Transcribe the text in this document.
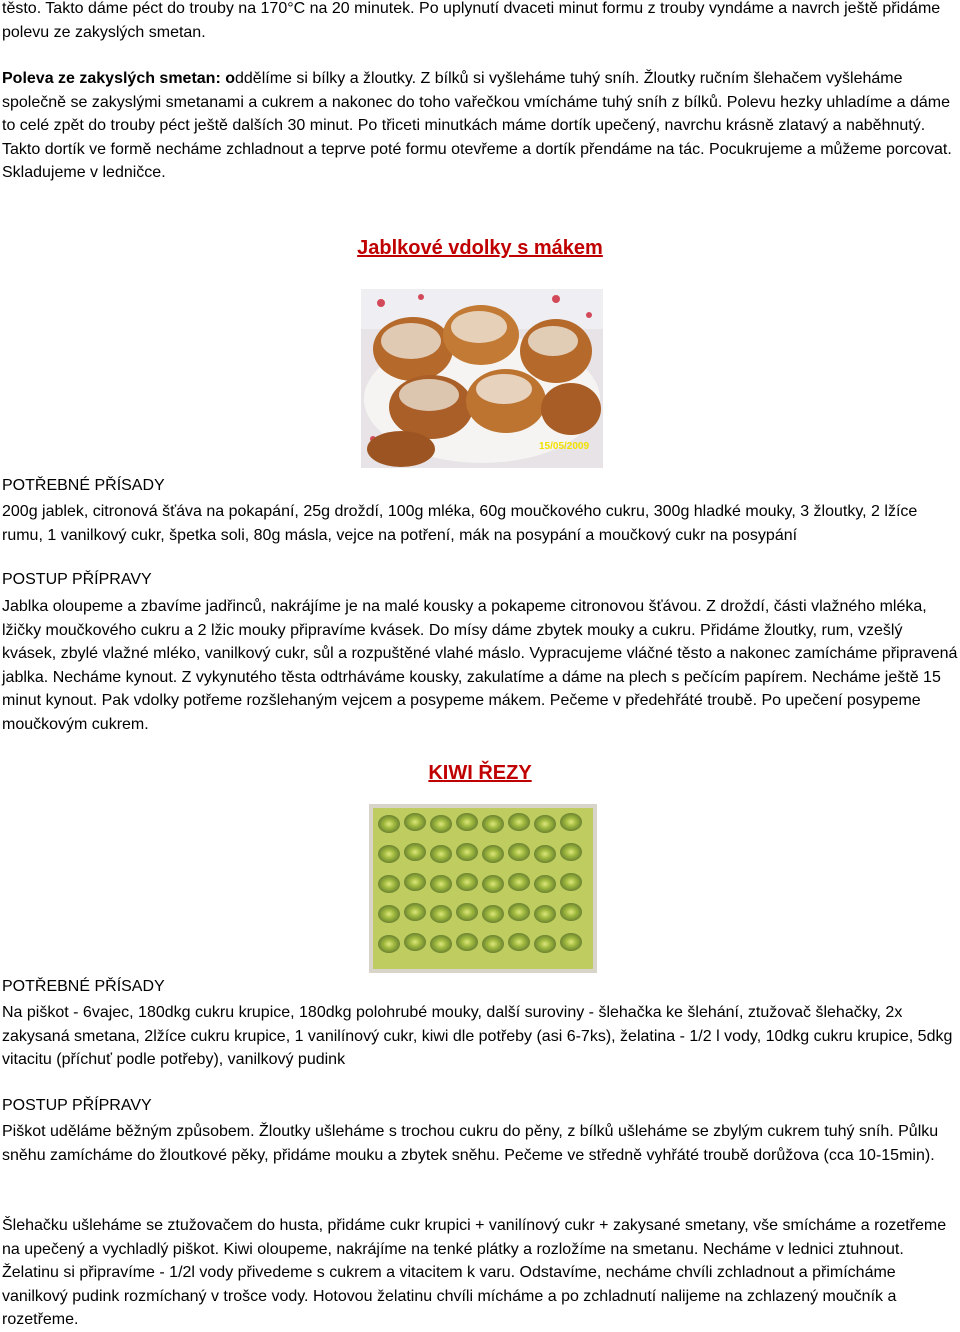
těsto. Takto dáme péct do trouby na 170°C na 20 minutek. Po uplynutí dvaceti minut formu z trouby vyndáme a navrch ještě přidáme polevu ze zakyslých smetan.

Poleva ze zakyslých smetan: oddělíme si bílky a žloutky. Z bílků si vyšleháme tuhý sníh. Žloutky ručním šlehačem vyšleháme společně se zakyslými smetanami a cukrem a nakonec do toho vařečkou vmícháme tuhý sníh z bílků. Polevu hezky uhladíme a dáme to celé zpět do trouby péct ještě dalších 30 minut. Po třiceti minutkách máme dortík upečený, navrchu krásně zlatavý a naběhnutý. Takto dortík ve formě necháme zchladnout a teprve poté formu otevřeme a dortík přendáme na tác. Pocukrujeme a můžeme porcovat. Skladujeme v ledničce.

Jablkové vdolky s mákem
15/05/2009

POTŘEBNÉ PŘÍSADY

200g jablek, citronová šťáva na pokapání, 25g droždí, 100g mléka, 60g moučkového cukru, 300g hladké mouky, 3 žloutky, 2 lžíce rumu, 1 vanilkový cukr, špetka soli, 80g másla, vejce na potření, mák na posypání a moučkový cukr na posypání

POSTUP PŘÍPRAVY

Jablka oloupeme a zbavíme jadřinců, nakrájíme je na malé kousky a pokapeme citronovou šťávou. Z droždí, části vlažného mléka, lžičky moučkového cukru a 2 lžic mouky připravíme kvásek. Do mísy dáme zbytek mouky a cukru. Přidáme žloutky, rum, vzešlý kvásek, zbylé vlažné mléko, vanilkový cukr, sůl a rozpuštěné vlahé máslo. Vypracujeme vláčné těsto a nakonec zamícháme připravená jablka. Necháme kynout. Z vykynutého těsta odtrháváme kousky, zakulatíme a dáme na plech s pečícím papírem. Necháme ještě 15 minut kynout. Pak vdolky potřeme rozšlehaným vejcem a posypeme mákem. Pečeme v předehřáté troubě. Po upečení posypeme moučkovým cukrem.

KIWI ŘEZY

POTŘEBNÉ PŘÍSADY

Na piškot - 6vajec, 180dkg cukru krupice, 180dkg polohrubé mouky, další suroviny - šlehačka ke šlehání, ztužovač šlehačky, 2x zakysaná smetana, 2lžíce cukru krupice, 1 vanilínový cukr, kiwi dle potřeby (asi 6-7ks), želatina - 1/2 l vody, 10dkg cukru krupice, 5dkg vitacitu (příchuť podle potřeby), vanilkový pudink

POSTUP PŘÍPRAVY

Piškot uděláme běžným způsobem. Žloutky ušleháme s trochou cukru do pěny, z bílků ušleháme se zbylým cukrem tuhý sníh. Půlku sněhu zamícháme do žloutkové pěky, přidáme mouku a zbytek sněhu. Pečeme ve středně vyhřáté troubě dorůžova (cca 10-15min).

Šlehačku ušleháme se ztužovačem do husta, přidáme cukr krupici + vanilínový cukr + zakysané smetany, vše smícháme a rozetřeme na upečený a vychladlý piškot. Kiwi oloupeme, nakrájíme na tenké plátky a rozložíme na smetanu. Necháme v lednici ztuhnout. Želatinu si připravíme - 1/2l vody přivedeme s cukrem a vitacitem k varu. Odstavíme, necháme chvíli zchladnout a přimícháme vanilkový pudink rozmíchaný v trošce vody. Hotovou želatinu chvíli mícháme a po zchladnutí nalijeme na zchlazený moučník a rozetřeme.
